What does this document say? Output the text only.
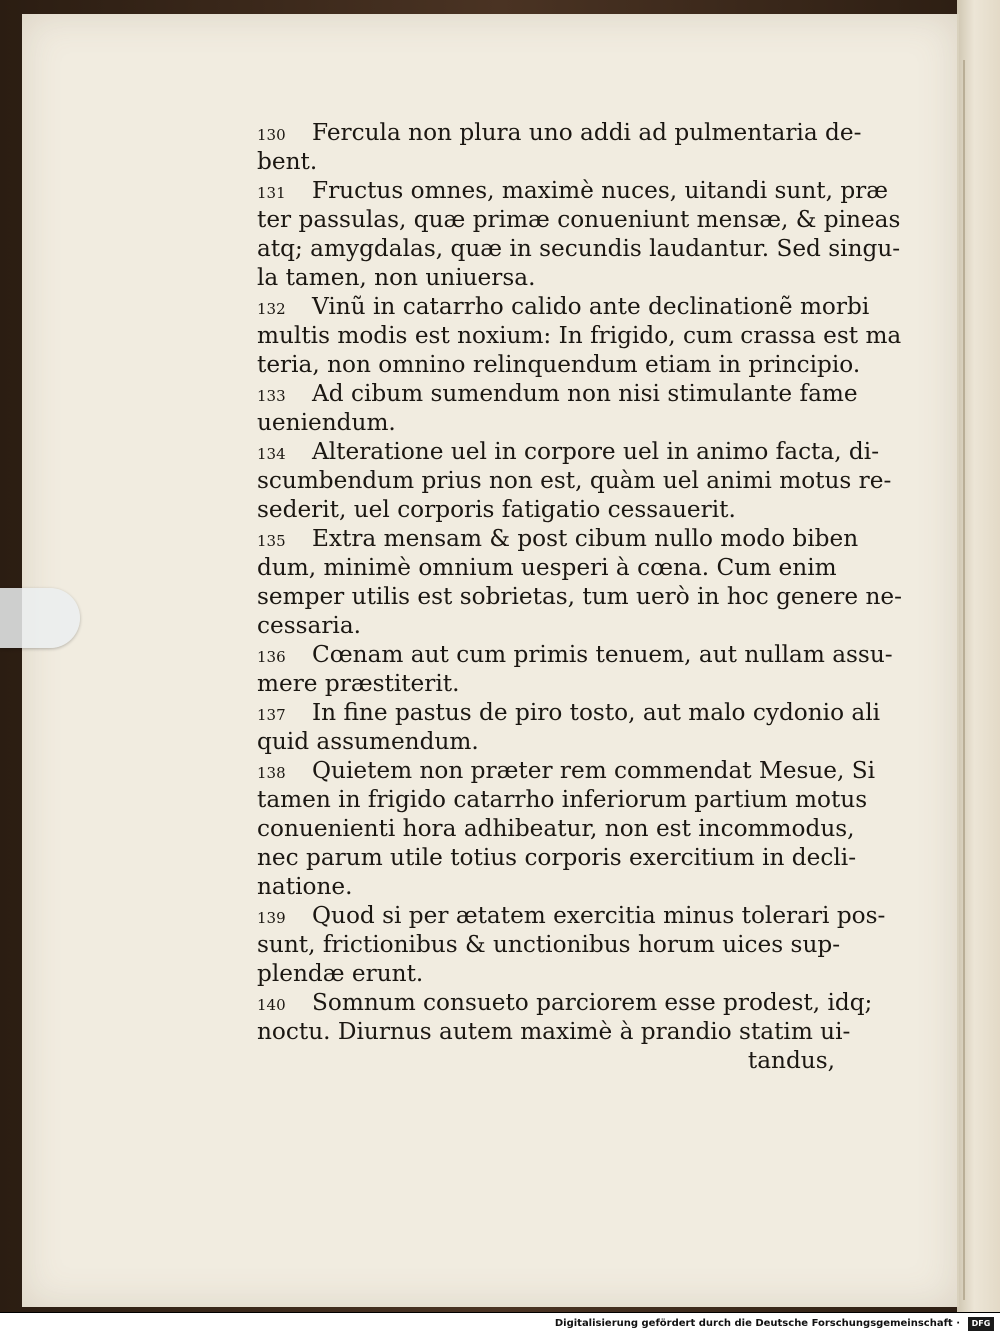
130 Fercula non plura uno addi ad pulmentaria de-
bent.
131 Fructus omnes, maximè nuces, uitandi sunt, præ
ter passulas, quæ primæ conueniunt mensæ, & pineas
atq; amygdalas, quæ in secundis laudantur. Sed singu-
la tamen, non uniuersa.
132 Vinũ in catarrho calido ante declinationẽ morbi
multis modis est noxium: In frigido, cum crassa est ma
teria, non omnino relinquendum etiam in principio.
133 Ad cibum sumendum non nisi stimulante fame
ueniendum.
134 Alteratione uel in corpore uel in animo facta, di-
scumbendum prius non est, quàm uel animi motus re-
sederit, uel corporis fatigatio cessauerit.
135 Extra mensam & post cibum nullo modo biben
dum, minimè omnium uesperi à cœna. Cum enim
semper utilis est sobrietas, tum uerò in hoc genere ne-
cessaria.
136 Cœnam aut cum primis tenuem, aut nullam assu-
mere præstiterit.
137 In fine pastus de piro tosto, aut malo cydonio ali
quid assumendum.
138 Quietem non præter rem commendat Mesue, Si
tamen in frigido catarrho inferiorum partium motus
conuenienti hora adhibeatur, non est incommodus,
nec parum utile totius corporis exercitium in decli-
natione.
139 Quod si per ætatem exercitia minus tolerari pos-
sunt, frictionibus & unctionibus horum uices sup-
plendæ erunt.
140 Somnum consueto parciorem esse prodest, idq;
noctu. Diurnus autem maximè à prandio statim ui-
tandus,
Digitalisierung gefördert durch die Deutsche Forschungsgemeinschaft ·	DFG
